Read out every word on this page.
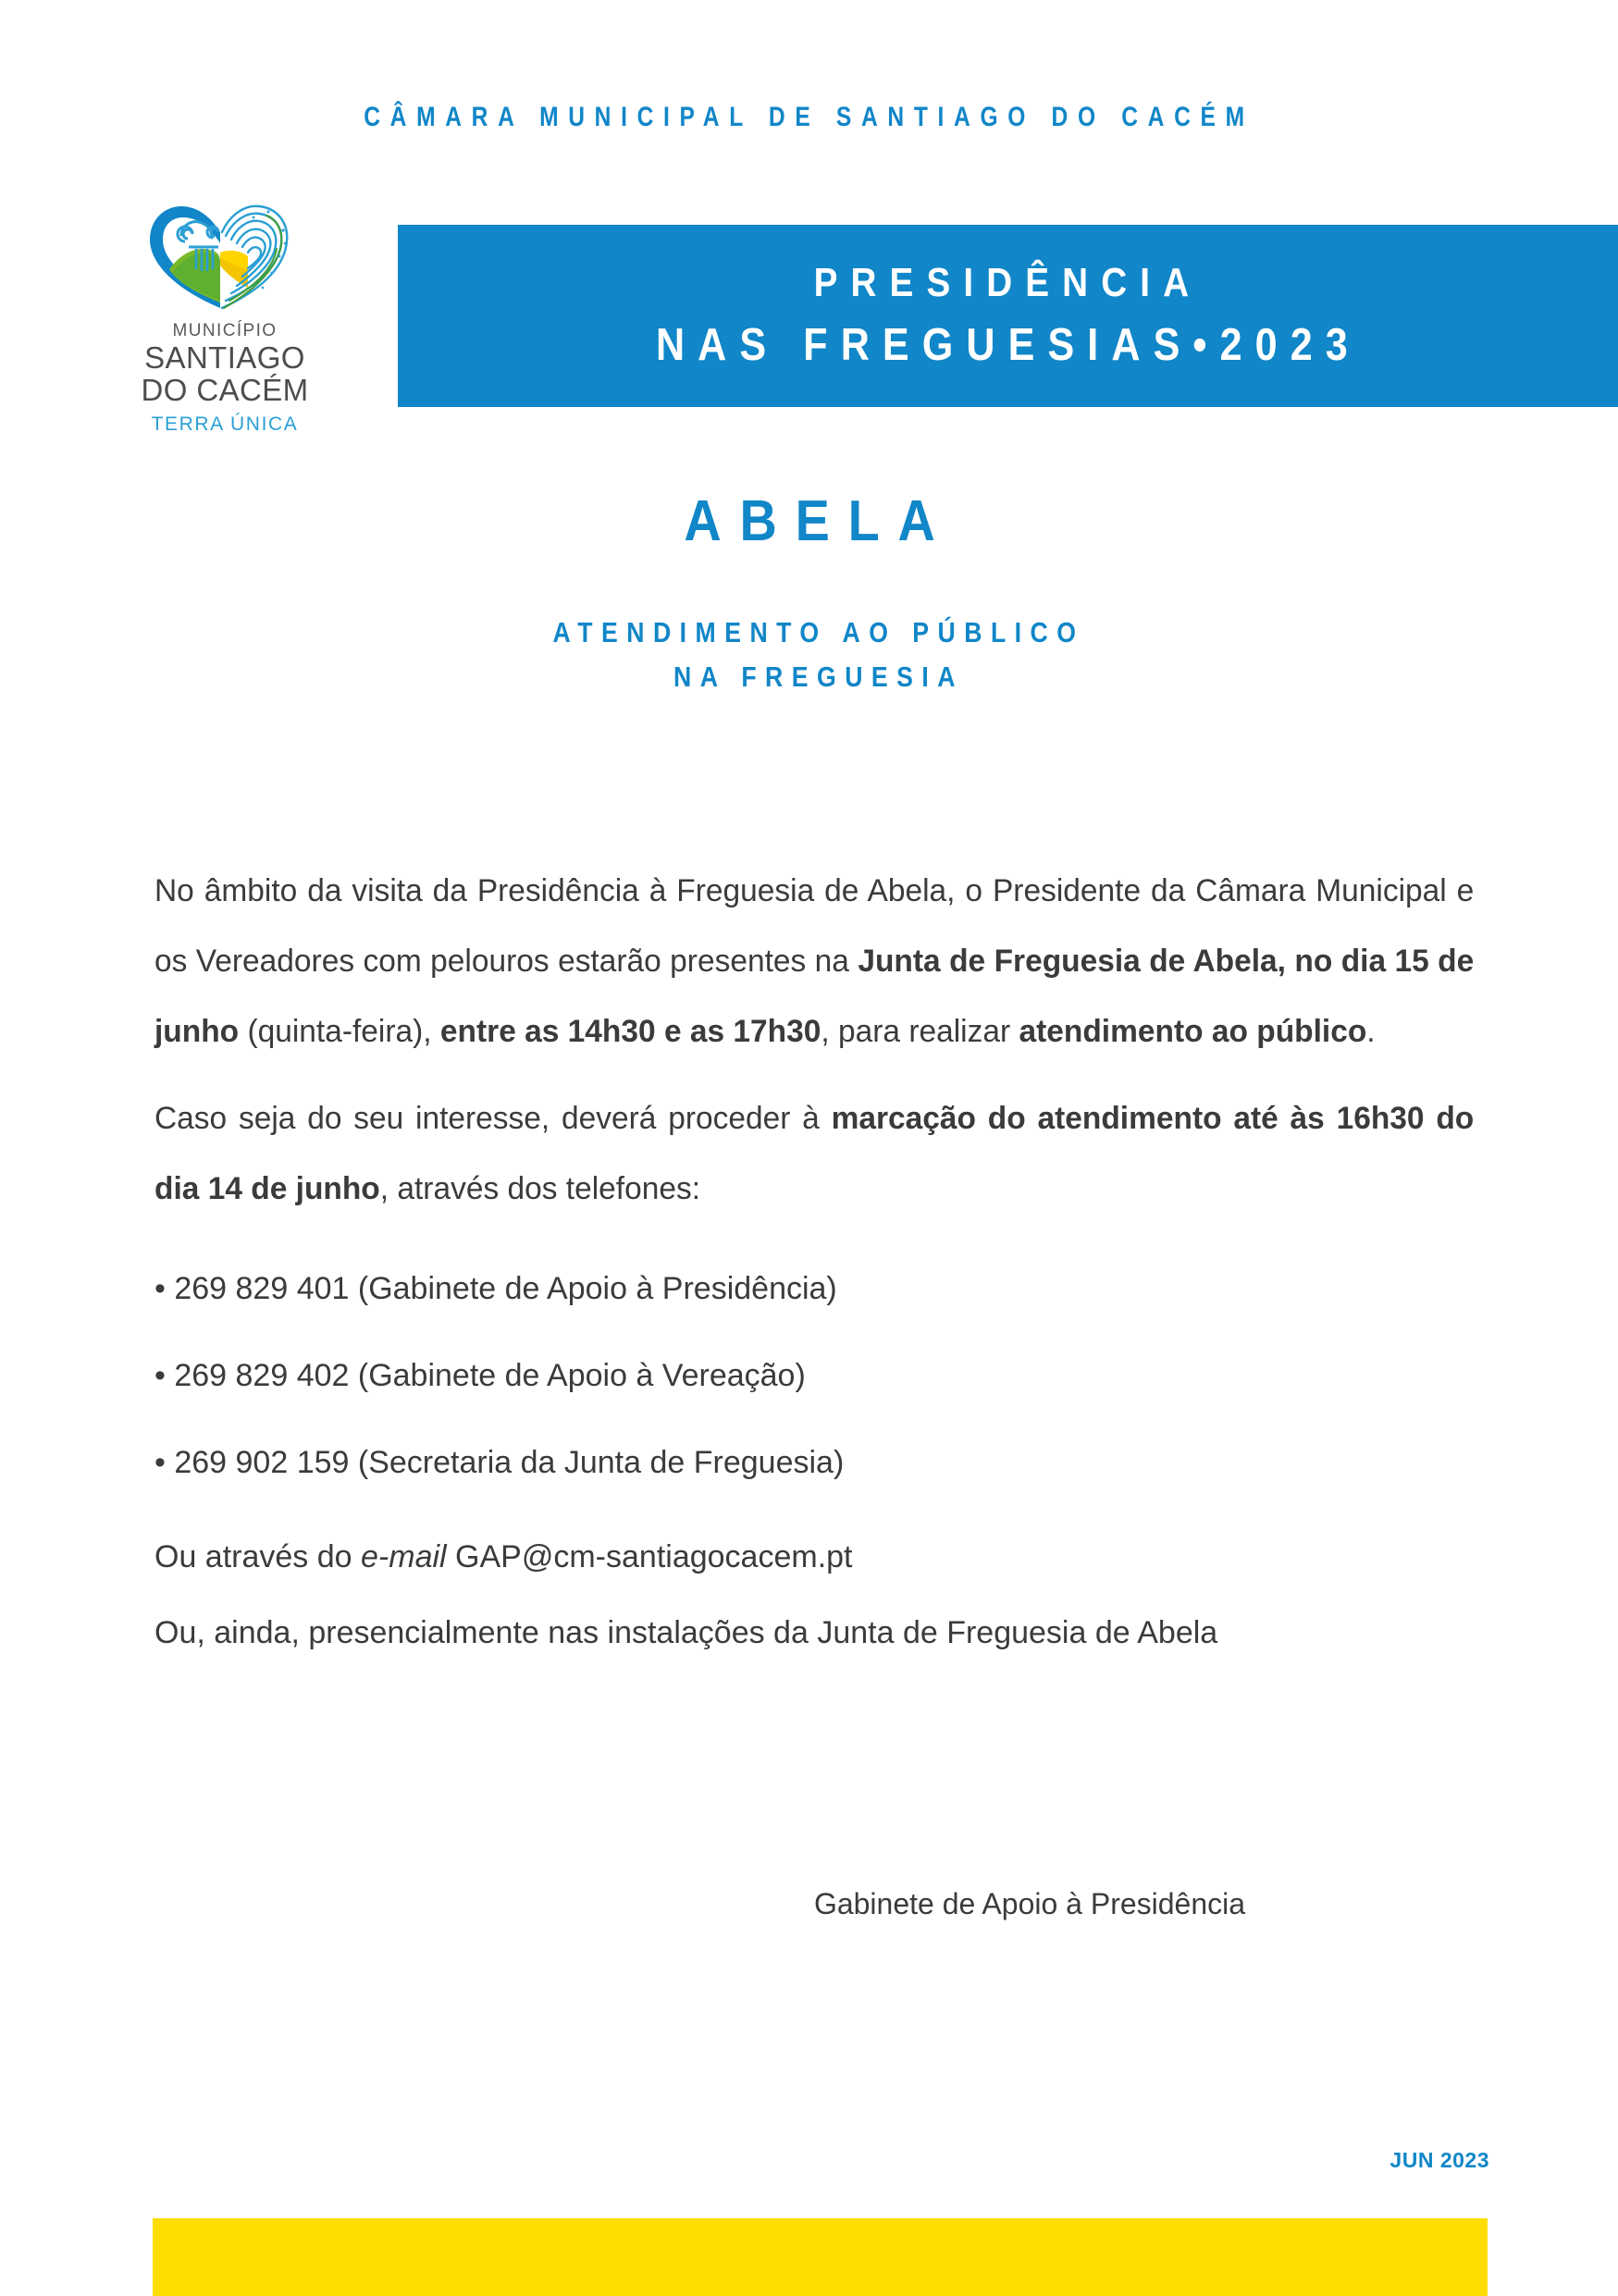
CÂMARA MUNICIPAL DE SANTIAGO DO CACÉM
MUNICÍPIO
SANTIAGO
DO CACÉM
TERRA ÚNICA
PRESIDÊNCIA
NAS FREGUESIAS•2023
ABELA
ATENDIMENTO AO PÚBLICO
NA FREGUESIA

No âmbito da visita da Presidência à Freguesia de Abela, o Presidente da Câmara Municipal e os Vereadores com pelouros estarão presentes na Junta de Freguesia de Abela, no dia 15 de junho (quinta-feira), entre as 14h30 e as 17h30, para realizar atendimento ao público.

Caso seja do seu interesse, deverá proceder à marcação do atendimento até às 16h30 do dia 14 de junho, através dos telefones:

• 269 829 401 (Gabinete de Apoio à Presidência)
• 269 829 402 (Gabinete de Apoio à Vereação)
• 269 902 159 (Secretaria da Junta de Freguesia)
Ou através do e-mail GAP@cm-santiagocacem.pt
Ou, ainda, presencialmente nas instalações da Junta de Freguesia de Abela
Gabinete de Apoio à Presidência
JUN 2023
